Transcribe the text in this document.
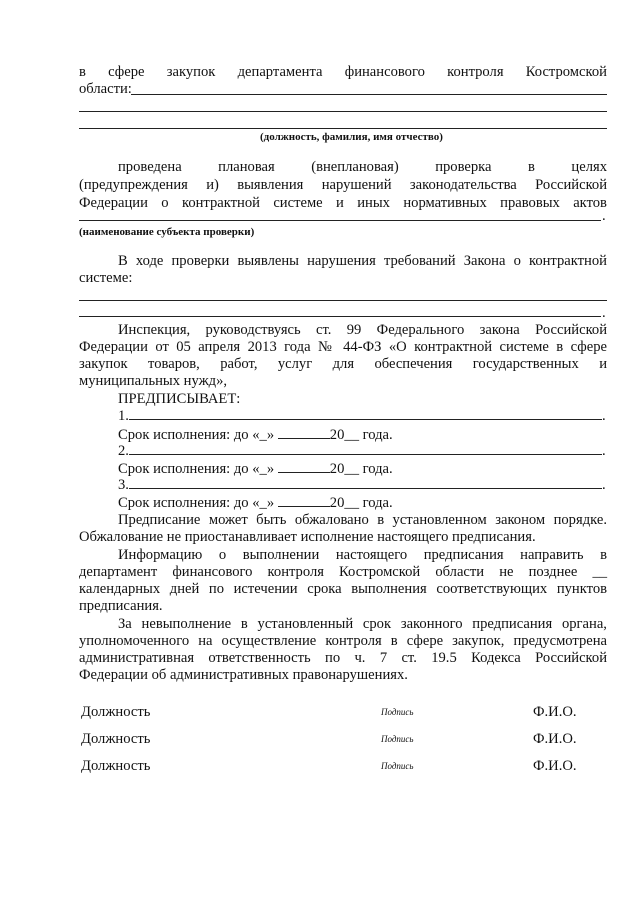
в сфере закупок департамента финансового контроля Костромской
области:
(должность, фамилия, имя отчество)
проведена плановая (внеплановая) проверка в целях
(предупреждения и) выявления нарушений законодательства Российской
Федерации о контрактной системе и иных нормативных правовых актов
.
(наименование субъекта проверки)
В ходе проверки выявлены нарушения требований Закона о контрактной
системе:
.
Инспекция, руководствуясь ст. 99 Федерального закона Российской
Федерации от 05 апреля 2013 года № 44-ФЗ «О контрактной системе в сфере
закупок товаров, работ, услуг для обеспечения государственных и
муниципальных нужд»,
ПРЕДПИСЫВАЕТ:
1.	.
Срок исполнения: до «_»	20__ года.
2.	.
Срок исполнения: до «_»	20__ года.
3.	.
Срок исполнения: до «_»	20__ года.
Предписание может быть обжаловано в установленном законом порядке.
Обжалование не приостанавливает исполнение настоящего предписания.
Информацию о выполнении настоящего предписания направить в
департамент финансового контроля Костромской области не позднее __
календарных дней по истечении срока выполнения соответствующих пунктов
предписания.
За невыполнение в установленный срок законного предписания органа,
уполномоченного на осуществление контроля в сфере закупок, предусмотрена
административная ответственность по ч. 7 ст. 19.5 Кодекса Российской
Федерации об административных правонарушениях.
Должность	Подпись	Ф.И.О.
Должность	Подпись	Ф.И.О.
Должность	Подпись	Ф.И.О.
